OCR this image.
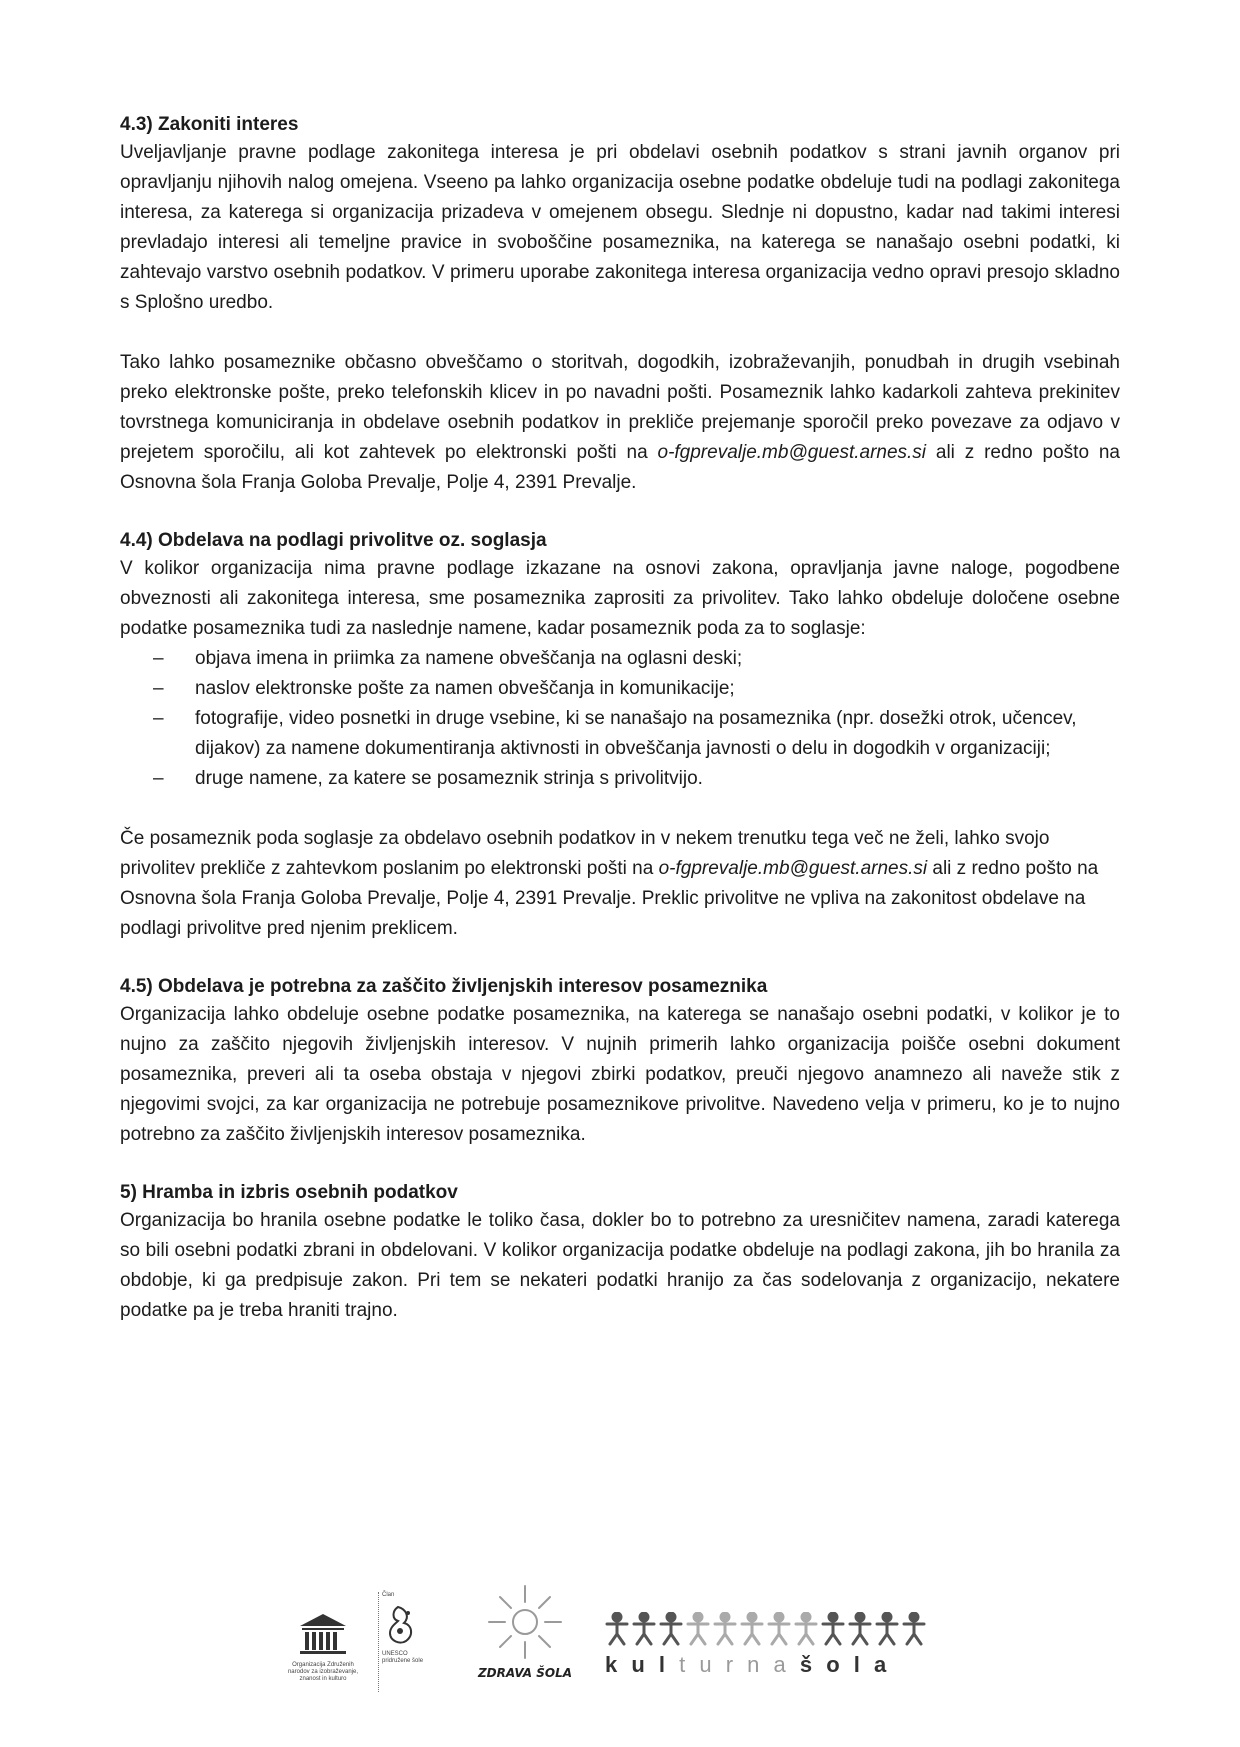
4.3) Zakoniti interes

Uveljavljanje pravne podlage zakonitega interesa je pri obdelavi osebnih podatkov s strani javnih organov pri opravljanju njihovih nalog omejena. Vseeno pa lahko organizacija osebne podatke obdeluje tudi na podlagi zakonitega interesa, za katerega si organizacija prizadeva v omejenem obsegu. Slednje ni dopustno, kadar nad takimi interesi prevladajo interesi ali temeljne pravice in svoboščine posameznika, na katerega se nanašajo osebni podatki, ki zahtevajo varstvo osebnih podatkov. V primeru uporabe zakonitega interesa organizacija vedno opravi presojo skladno s Splošno uredbo.

Tako lahko posameznike občasno obveščamo o storitvah, dogodkih, izobraževanjih, ponudbah in drugih vsebinah preko elektronske pošte, preko telefonskih klicev in po navadni pošti. Posameznik lahko kadarkoli zahteva prekinitev tovrstnega komuniciranja in obdelave osebnih podatkov in prekliče prejemanje sporočil preko povezave za odjavo v prejetem sporočilu, ali kot zahtevek po elektronski pošti na o-fgprevalje.mb@guest.arnes.si ali z redno pošto na Osnovna šola Franja Goloba Prevalje, Polje 4, 2391 Prevalje.

4.4) Obdelava na podlagi privolitve oz. soglasja

V kolikor organizacija nima pravne podlage izkazane na osnovi zakona, opravljanja javne naloge, pogodbene obveznosti ali zakonitega interesa, sme posameznika zaprositi za privolitev. Tako lahko obdeluje določene osebne podatke posameznika tudi za naslednje namene, kadar posameznik poda za to soglasje:

– objava imena in priimka za namene obveščanja na oglasni deski;
– naslov elektronske pošte za namen obveščanja in komunikacije;
– fotografije, video posnetki in druge vsebine, ki se nanašajo na posameznika (npr. dosežki otrok, učencev, dijakov) za namene dokumentiranja aktivnosti in obveščanja javnosti o delu in dogodkih v organizaciji;
– druge namene, za katere se posameznik strinja s privolitvijo.

Če posameznik poda soglasje za obdelavo osebnih podatkov in v nekem trenutku tega več ne želi, lahko svojo privolitev prekliče z zahtevkom poslanim po elektronski pošti na o-fgprevalje.mb@guest.arnes.si ali z redno pošto na Osnovna šola Franja Goloba Prevalje, Polje 4, 2391 Prevalje. Preklic privolitve ne vpliva na zakonitost obdelave na podlagi privolitve pred njenim preklicem.

4.5) Obdelava je potrebna za zaščito življenjskih interesov posameznika

Organizacija lahko obdeluje osebne podatke posameznika, na katerega se nanašajo osebni podatki, v kolikor je to nujno za zaščito njegovih življenjskih interesov. V nujnih primerih lahko organizacija poišče osebni dokument posameznika, preveri ali ta oseba obstaja v njegovi zbirki podatkov, preuči njegovo anamnezo ali naveže stik z njegovimi svojci, za kar organizacija ne potrebuje posameznikove privolitve. Navedeno velja v primeru, ko je to nujno potrebno za zaščito življenjskih interesov posameznika.

5) Hramba in izbris osebnih podatkov

Organizacija bo hranila osebne podatke le toliko časa, dokler bo to potrebno za uresničitev namena, zaradi katerega so bili osebni podatki zbrani in obdelovani. V kolikor organizacija podatke obdeluje na podlagi zakona, jih bo hranila za obdobje, ki ga predpisuje zakon. Pri tem se nekateri podatki hranijo za čas sodelovanja z organizacijo, nekatere podatke pa je treba hraniti trajno.

Organizacija Združenih narodov za izobraževanje, znanost in kulturo
Član
UNESCO pridružene šole
ZDRAVA ŠOLA	k u l t u r n a š o l a
